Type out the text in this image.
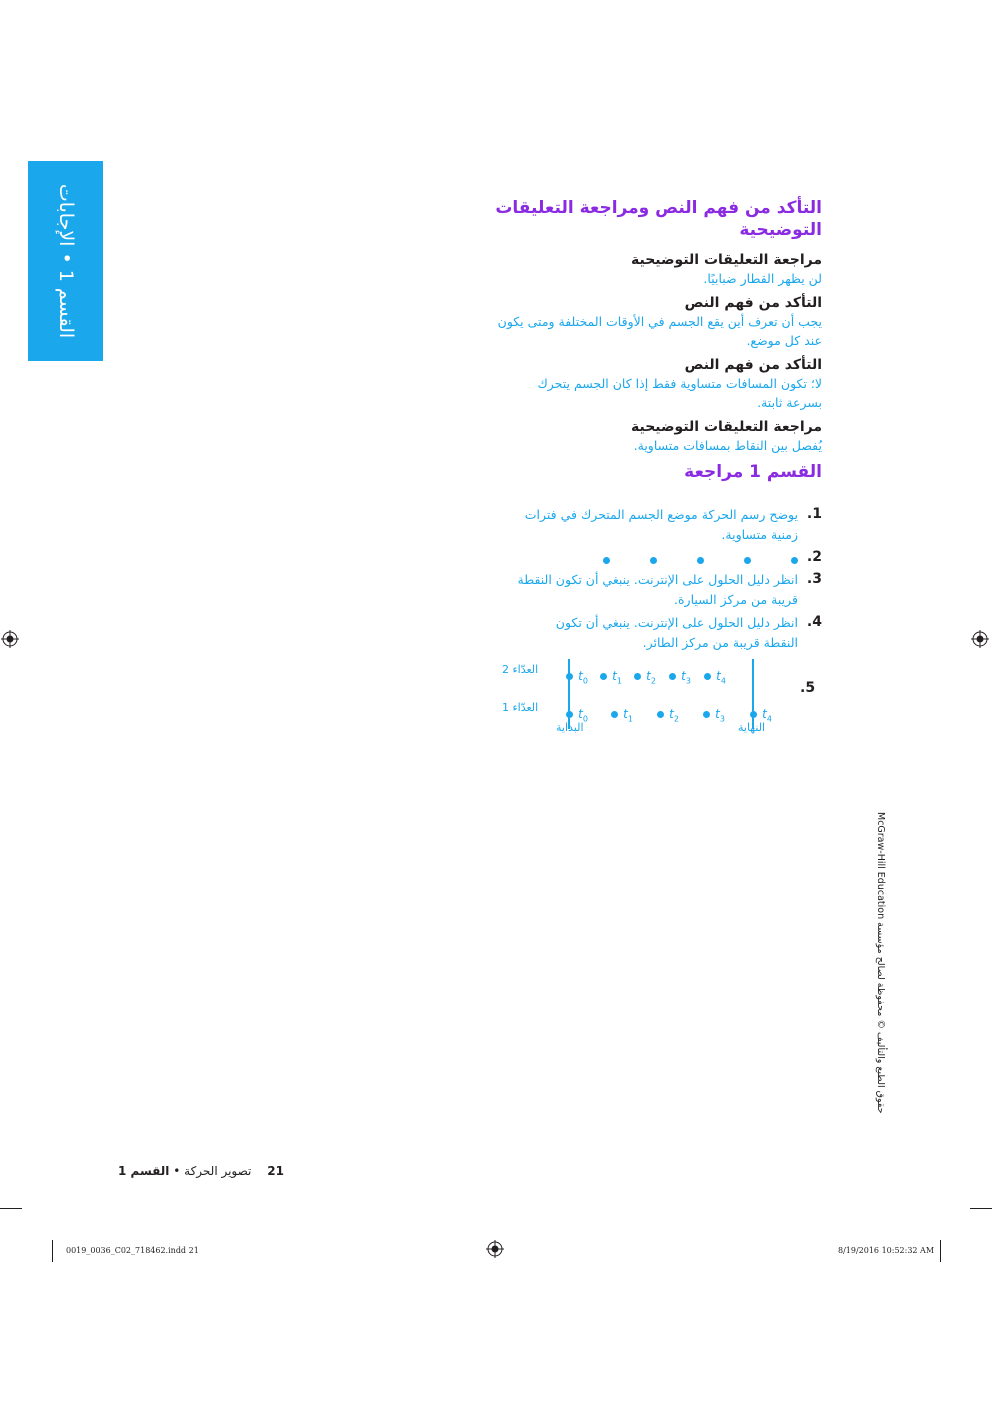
القسم 1 • الإجابات
التأكد من فهم النص ومراجعة التعليقات
التوضيحية
مراجعة التعليقات التوضيحية
لن يظهر القطار ضبابيًا.
التأكد من فهم النص
يجب أن تعرف أين يقع الجسم في الأوقات المختلفة ومتى يكون
عند كل موضع.
التأكد من فهم النص
لا؛ تكون المسافات متساوية فقط إذا كان الجسم يتحرك
بسرعة ثابتة.
مراجعة التعليقات التوضيحية
يُفصل بين النقاط بمسافات متساوية.
القسم 1 مراجعة
1.
يوضح رسم الحركة موضع الجسم المتحرك في فترات
زمنية متساوية.
2.
3.
انظر دليل الحلول على الإنترنت. ينبغي أن تكون النقطة
قريبة من مركز السيارة.
4.
انظر دليل الحلول على الإنترنت. ينبغي أن تكون
النقطة قريبة من مركز الطائر.
5.
العدّاء 2
العدّاء 1
البداية	النهاية
$t_0$	$t_1$	$t_2$	$t_3$	$t_4$
$t_0$	$t_1$	$t_2$	$t_3$	$t_4$
McGraw-Hill Education حقوق الطبع والتأليف © محفوظة لصالح مؤسسة
21 تصوير الحركة • القسم 1
0019_0036_C02_718462.indd 21	8/19/2016 10:52:32 AM
